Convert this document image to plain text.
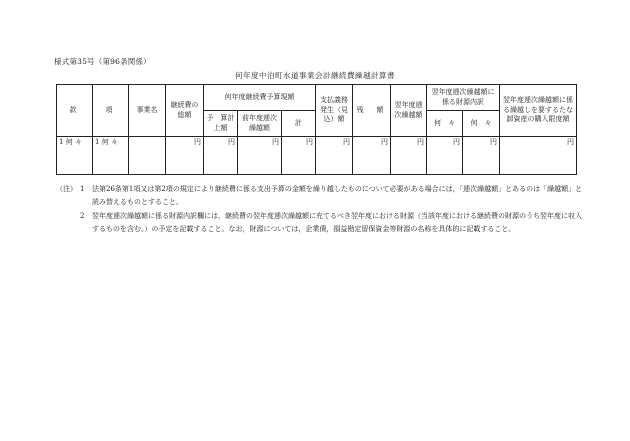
様式第35号（第96条関係）
何年度中泊町水道事業会計継続費繰越計算書
款	項	事業名	継続費の総額	何年度継続費予算現額			支払義務発生（見込）額	残　額	翌年度逓次繰越額	翌年度逓次繰越額に係る財源内訳		翌年度逓次繰越額に係る繰越しを要するたな卸資産の購入限度額
				予　算計上額	前年度逓次繰越額	計				何　々	何　々	
1 何 々	1 何 々		円	円	円	円	円	円	円	円	円	円
（注） 1 法第26条第1項又は第2項の規定により継続費に係る支出予算の金額を繰り越したものについて必要がある場合には，「逓次繰越額」とあるのは「繰越額」と読み替えるものとすること。
2 翌年度逓次繰越額に係る財源内訳欄には，継続費の翌年度逓次繰越額に充てるべき翌年度における財源（当該年度における継続費の財源のうち翌年度に収入するものを含む。）の予定を記載すること。なお，財源については，企業債，損益勘定留保資金等財源の名称を具体的に記載すること。
